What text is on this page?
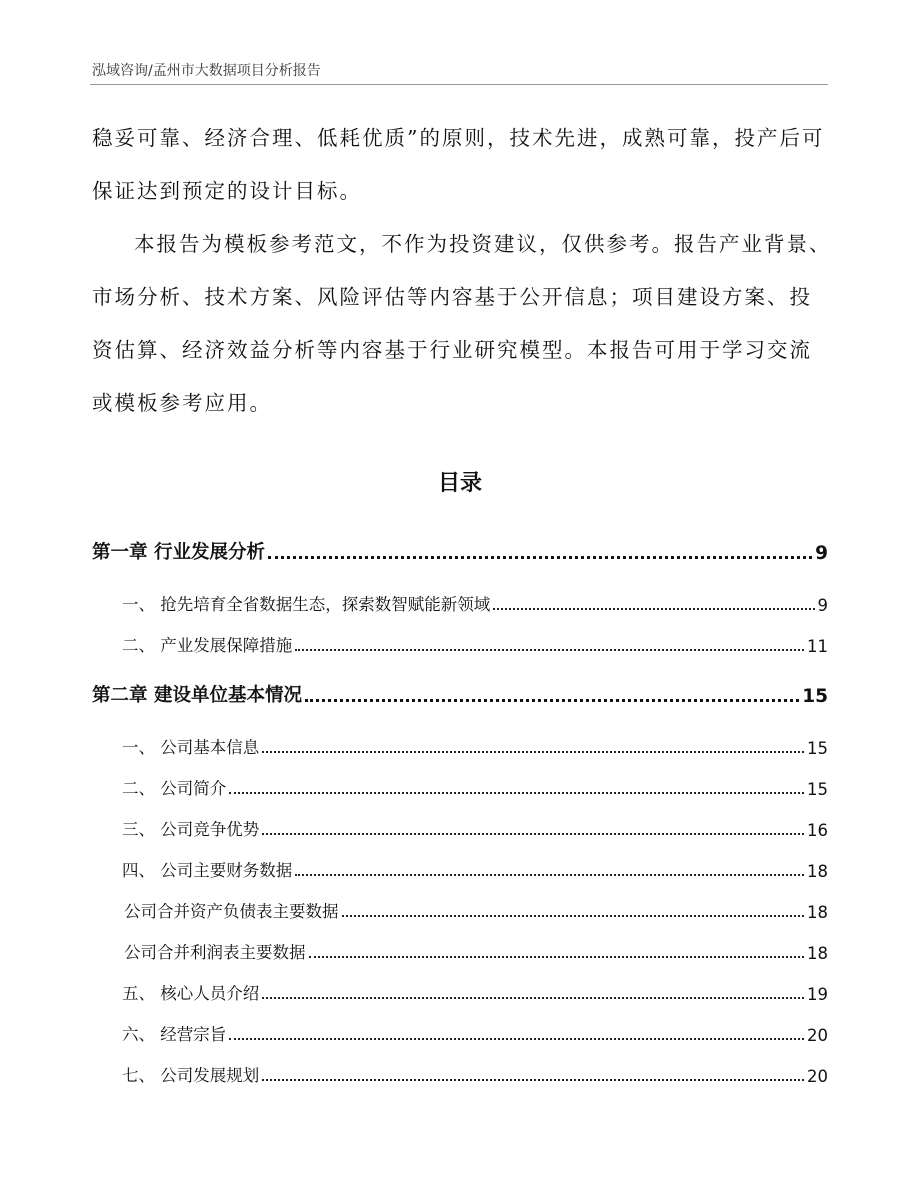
泓域咨询/孟州市大数据项目分析报告
稳妥可靠、经济合理、低耗优质”的原则，技术先进，成熟可靠，投产后可保证达到预定的设计目标。
本报告为模板参考范文，不作为投资建议，仅供参考。报告产业背景、市场分析、技术方案、风险评估等内容基于公开信息；项目建设方案、投资估算、经济效益分析等内容基于行业研究模型。本报告可用于学习交流或模板参考应用。
目录
第一章 行业发展分析	9
一、 抢先培育全省数据生态，探索数智赋能新领域	9
二、 产业发展保障措施	11
第二章 建设单位基本情况	15
一、 公司基本信息	15
二、 公司简介	15
三、 公司竞争优势	16
四、 公司主要财务数据	18
公司合并资产负债表主要数据	18
公司合并利润表主要数据	18
五、 核心人员介绍	19
六、 经营宗旨	20
七、 公司发展规划	20
